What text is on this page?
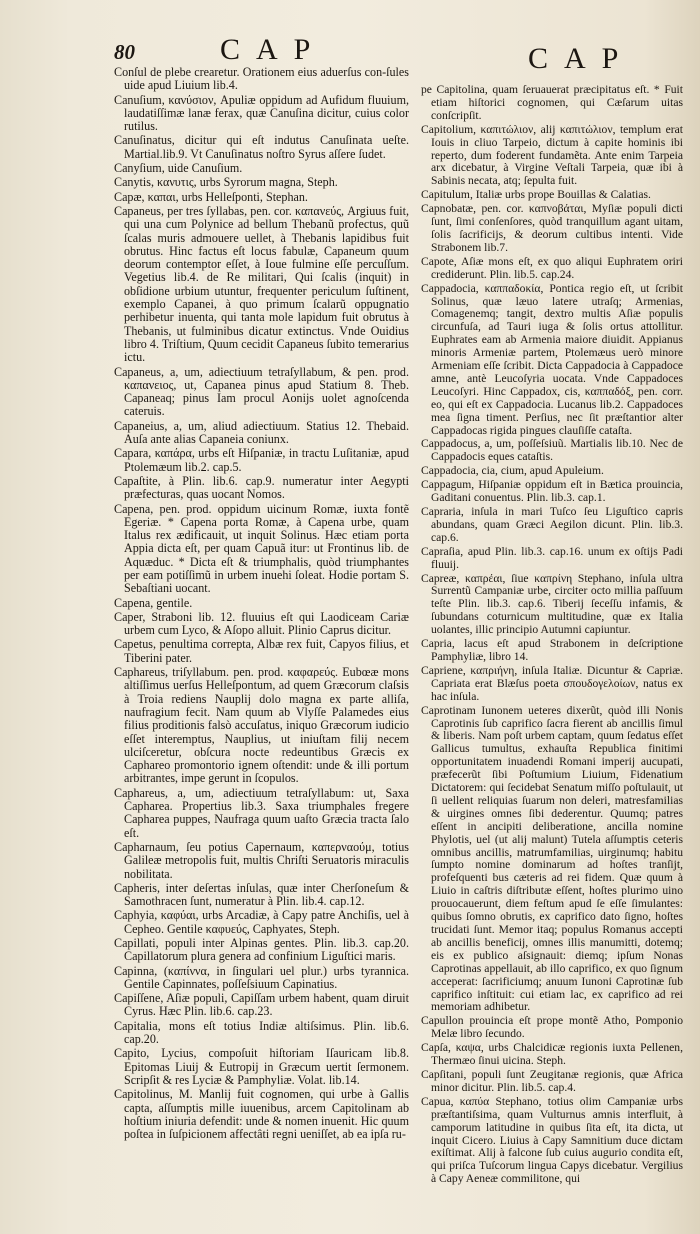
80	CAP	CAP
Conſul de plebe crearetur. Orationem eius aduerſus con-ſules uide apud Liuium lib.4.
Canuſium, κανύσιον, Apuliæ oppidum ad Aufidum fluuium, laudatiſſimæ lanæ ferax, quæ Canuſina dicitur, cuius color rutilus.
Canuſinatus, dicitur qui eſt indutus Canuſinata ueſte. Martial.lib.9. Vt Canuſinatus noſtro Syrus aſſere ſudet.
Canyſium, uide Canuſium.
Canytis, κανυτις, urbs Syrorum magna, Steph.
Capæ, καπαι, urbs Helleſponti, Stephan.
Capaneus, per tres ſyllabas, pen. cor. καπανεύς, Argiuus fuit, qui una cum Polynice ad bellum Thebanũ profectus, quũ ſcalas muris admouere uellet, à Thebanis lapidibus fuit obrutus. Hinc factus eſt locus fabulæ, Capaneum quum deorum contemptor eſſet, à Ioue fulmine eſſe percuſſum. Vegetius lib.4. de Re militari, Qui ſcalis (inquit) in obſidione urbium utuntur, frequenter periculum ſuſtinent, exemplo Capanei, à quo primum ſcalarũ oppugnatio perhibetur inuenta, qui tanta mole lapidum fuit obrutus à Thebanis, ut fulminibus dicatur extinctus. Vnde Ouidius libro 4. Triſtium, Quum cecidit Capaneus ſubito temerarius ictu.
Capaneus, a, um, adiectiuum tetraſyllabum, & pen. prod. καπανειος, ut, Capanea pinus apud Statium 8. Theb. Capaneaq; pinus Iam procul Aonijs uolet agnoſcenda cateruis.
Capaneius, a, um, aliud adiectiuum. Statius 12. Thebaid. Auſa ante alias Capaneia coniunx.
Capara, καπάρα, urbs eſt Hiſpaniæ, in tractu Luſitaniæ, apud Ptolemæum lib.2. cap.5.
Capaſtite, à Plin. lib.6. cap.9. numeratur inter Aegypti præfecturas, quas uocant Nomos.
Capena, pen. prod. oppidum uicinum Romæ, iuxta fontẽ Egeriæ. * Capena porta Romæ, à Capena urbe, quam Italus rex ædificauit, ut inquit Solinus. Hæc etiam porta Appia dicta eſt, per quam Capuã itur: ut Frontinus lib. de Aquæduc. * Dicta eſt & triumphalis, quòd triumphantes per eam potiſſimũ in urbem inuehi ſoleat. Hodie portam S. Sebaſtiani uocant.
Capena, gentile.
Caper, Straboni lib. 12. fluuius eſt qui Laodiceam Cariæ urbem cum Lyco, & Aſopo alluit. Plinio Caprus dicitur.
Capetus, penultima correpta, Albæ rex fuit, Capyos filius, et Tiberini pater.
Caphareus, triſyllabum. pen. prod. καφαρεύς. Eubœæ mons altiſſimus uerſus Helleſpontum, ad quem Græcorum claſsis à Troia rediens Nauplij dolo magna ex parte alliſa, naufragium fecit. Nam quum ab Vlyſſe Palamedes eius filius proditionis falsò accuſatus, iniquo Græcorum iudicio eſſet interemptus, Nauplius, ut iniuſtam filij necem ulciſceretur, obſcura nocte redeuntibus Græcis ex Caphareo promontorio ignem oſtendit: unde & illi portum arbitrantes, impe gerunt in ſcopulos.
Caphareus, a, um, adiectiuum tetraſyllabum: ut, Saxa Caphareа. Propertius lib.3. Saxa triumphales fregere Capharea puppes, Naufraga quum uaſto Græcia tracta ſalo eſt.
Capharnaum, ſeu potius Capernaum, καπερναούμ, totius Galileæ metropolis fuit, multis Chriſti Seruatoris miraculis nobilitata.
Capheris, inter deſertas inſulas, quæ inter Cherſoneſum & Samothracen ſunt, numeratur à Plin. lib.4. cap.12.
Caphyia, καφύαι, urbs Arcadiæ, à Capy patre Anchiſis, uel à Cepheo. Gentile καφυεύς, Caphyates, Steph.
Capillati, populi inter Alpinas gentes. Plin. lib.3. cap.20. Capillatorum plura genera ad confinium Liguſtici maris.
Capinna, (καπίννα, in ſingulari uel plur.) urbs tyrannica. Gentile Capinnates, poſſeſsiuum Capinatius.
Capiſſene, Aſiæ populi, Capiſſam urbem habent, quam diruit Cyrus. Hæc Plin. lib.6. cap.23.
Capitalia, mons eſt totius Indiæ altiſsimus. Plin. lib.6. cap.20.
Capito, Lycius, compoſuit hiſtoriam Iſauricam lib.8. Epitomas Liuij & Eutropij in Græcum uertit ſermonem. Scripſit & res Lyciæ & Pamphyliæ. Volat. lib.14.
Capitolinus, M. Manlij fuit cognomen, qui urbe à Gallis capta, aſſumptis mille iuuenibus, arcem Capitolinam ab hoſtium iniuria defendit: unde & nomen inuenit. Hic quum poſtea in ſuſpicionem affectâti regni ueniſſet, ab ea ipſa ru-
pe Capitolina, quam ſeruauerat præcipitatus eſt. * Fuit etiam hiſtorici cognomen, qui Cæſarum uitas conſcripſit.
Capitolium, καπιτώλιον, alij καπιτώλιον, templum erat Iouis in cliuo Tarpeio, dictum à capite hominis ibi reperto, dum foderent fundamẽta. Ante enim Tarpeia arx dicebatur, à Virgine Veſtali Tarpeia, quæ ibi à Sabinis necata, atq; ſepulta fuit.
Capitulum, Italiæ urbs prope Bouillas & Calatias.
Capnobatæ, pen. cor. καπνοβάται, Myſiæ populi dicti ſunt, ſimi conſenſores, quòd tranquillum agant uitam, ſolis ſacrificijs, & deorum cultibus intenti. Vide Strabonem lib.7.
Capote, Aſiæ mons eſt, ex quo aliqui Euphratem oriri crediderunt. Plin. lib.5. cap.24.
Cappadocia, καππαδοκία, Pontica regio eſt, ut ſcribit Solinus, quæ læuo latere utraſq; Armenias, Comagenemq; tangit, dextro multis Aſiæ populis circunfuſa, ad Tauri iuga & ſolis ortus attollitur. Euphrates eam ab Armenia maiore diuidit. Appianus minoris Armeniæ partem, Ptolemæus uerò minore Armeniam eſſe ſcribit. Dicta Cappadocia à Cappadoce amne, antè Leucoſyria uocata. Vnde Cappadoces Leucoſyri. Hinc Cappadox, cis, καππαδόξ, pen. corr. eo, qui eſt ex Cappadocia. Lucanus lib.2. Cappadoces mea ſigna timent. Perſius, nec ſit præſtantior alter Cappadocas rigida pingues clauſiſſe cataſta.
Cappadocus, a, um, poſſeſsiuũ. Martialis lib.10. Nec de Cappadocis eques cataſtis.
Cappadocia, cia, cium, apud Apuleium.
Cappagum, Hiſpaniæ oppidum eſt in Bætica prouincia, Gaditani conuentus. Plin. lib.3. cap.1.
Capraria, inſula in mari Tuſco ſeu Liguſtico capris abundans, quam Græci Aegilon dicunt. Plin. lib.3. cap.6.
Capraſia, apud Plin. lib.3. cap.16. unum ex oſtijs Padi fluuij.
Capreæ, καπρέαι, ſiue καπρίνη Stephano, inſula ultra Surrentũ Campaniæ urbe, circiter octo millia paſſuum teſte Plin. lib.3. cap.6. Tiberij ſeceſſu infamis, & ſubundans coturnicum multitudine, quæ ex Italia uolantes, illic principio Autumni capiuntur.
Capria, lacus eſt apud Strabonem in deſcriptione Pamphyliæ, libro 14.
Capriene, καπριήνη, inſula Italiæ. Dicuntur & Capriæ. Capriata erat Blæſus poeta σπουδογελοίων, natus ex hac inſula.
Caprotinam Iunonem ueteres dixerũt, quòd illi Nonis Caprotinis ſub caprifico ſacra fierent ab ancillis ſimul & liberis. Nam poſt urbem captam, quum ſedatus eſſet Gallicus tumultus, exhauſta Republica finitimi opportunitatem inuadendi Romani imperij aucupati, præfecerũt ſibi Poſtumium Liuium, Fidenatium Dictatorem: qui ſecidebat Senatum miſſo poſtulauit, ut ſi uellent reliquias ſuarum non deleri, matresfamilias & uirgines omnes ſibi dederentur. Quumq; patres eſſent in ancipiti deliberatione, ancilla nomine Phylotis, uel (ut alij malunt) Tutela aſſumptis ceteris omnibus ancillis, matrumfamilias, uirginumq; habitu ſumpto nomine dominarum ad hoſtes tranſijt, profeſquenti bus cæteris ad rei fidem. Quæ quum à Liuio in caſtris diſtributæ eſſent, hoſtes plurimo uino prouocauerunt, diem feſtum apud ſe eſſe ſimulantes: quibus ſomno obrutis, ex caprifico dato ſigno, hoſtes trucidati ſunt. Memor itaq; populus Romanus accepti ab ancillis beneficij, omnes illis manumitti, dotemq; eis ex publico aſsignauit: diemq; ipſum Nonas Caprotinas appellauit, ab illo caprifico, ex quo ſignum acceperat: ſacrificiumq; anuum Iunoni Caprotinæ ſub caprifico inſtituit: cui etiam lac, ex caprifico ad rei memoriam adhibetur.
Capullon prouincia eſt prope montẽ Atho, Pomponio Melæ libro ſecundo.
Capſa, καψα, urbs Chalcidicæ regionis iuxta Pellenen, Thermæo ſinui uicina. Steph.
Capſitani, populi ſunt Zeugitanæ regionis, quæ Africa minor dicitur. Plin. lib.5. cap.4.
Capua, καπύα Stephano, totius olim Campaniæ urbs præſtantiſsima, quam Vulturnus amnis interfluit, à camporum latitudine in quibus ſita eſt, ita dicta, ut inquit Cicero. Liuius à Capy Samnitium duce dictam exiſtimat. Alij à falcone ſub cuius augurio condita eſt, qui priſca Tuſcorum lingua Capys dicebatur. Vergilius à Capy Aeneæ commilitone, qui
